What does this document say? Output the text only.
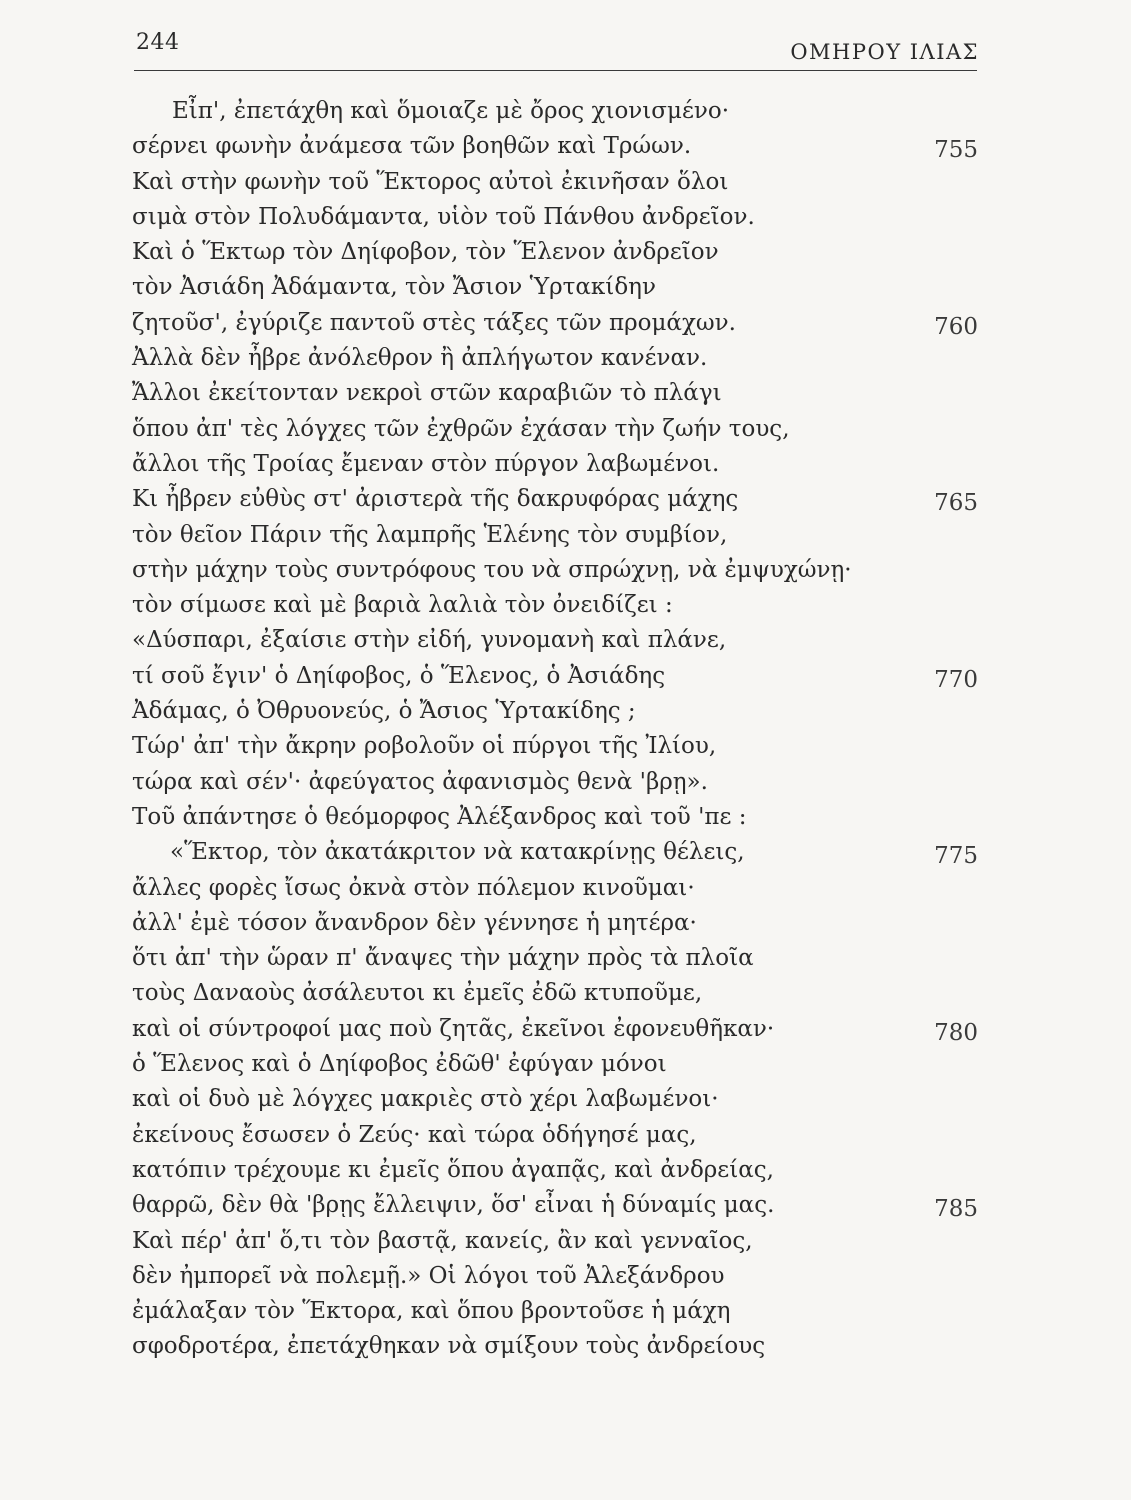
244	ΟΜΗΡΟΥ ΙΛΙΑΣ
Εἶπ', ἐπετάχθη καὶ ὅμοιαζε μὲ ὄρος χιονισμένο·
σέρνει φωνὴν ἀνάμεσα τῶν βοηθῶν καὶ Τρώων.	755
Καὶ στὴν φωνὴν τοῦ Ἕκτορος αὐτοὶ ἐκινῆσαν ὅλοι
σιμὰ στὸν Πολυδάμαντα, υἱὸν τοῦ Πάνθου ἀνδρεῖον.
Καὶ ὁ Ἕκτωρ τὸν Δηίφοβον, τὸν Ἕλενον ἀνδρεῖον
τὸν Ἀσιάδη Ἀδάμαντα, τὸν Ἄσιον Ὑρτακίδην
ζητοῦσ', ἐγύριζε παντοῦ στὲς τάξες τῶν προμάχων.	760
Ἀλλὰ δὲν ἦβρε ἀνόλεθρον ἢ ἀπλήγωτον κανέναν.
Ἄλλοι ἐκείτονταν νεκροὶ στῶν καραβιῶν τὸ πλάγι
ὅπου ἀπ' τὲς λόγχες τῶν ἐχθρῶν ἐχάσαν τὴν ζωήν τους,
ἄλλοι τῆς Τροίας ἔμεναν στὸν πύργον λαβωμένοι.
Κι ἦβρεν εὐθὺς στ' ἀριστερὰ τῆς δακρυφόρας μάχης	765
τὸν θεῖον Πάριν τῆς λαμπρῆς Ἑλένης τὸν συμβίον,
στὴν μάχην τοὺς συντρόφους του νὰ σπρώχνῃ, νὰ ἐμψυχώνῃ·
τὸν σίμωσε καὶ μὲ βαριὰ λαλιὰ τὸν ὀνειδίζει :
«Δύσπαρι, ἐξαίσιε στὴν εἰδή, γυνομανὴ καὶ πλάνε,
τί σοῦ ἔγιν' ὁ Δηίφοβος, ὁ Ἕλενος, ὁ Ἀσιάδης	770
Ἀδάμας, ὁ Ὀθρυονεύς, ὁ Ἄσιος Ὑρτακίδης ;
Τώρ' ἀπ' τὴν ἄκρην ροβολοῦν οἱ πύργοι τῆς Ἰλίου,
τώρα καὶ σέν'· ἀφεύγατος ἀφανισμὸς θενὰ 'βρῃ».
Τοῦ ἀπάντησε ὁ θεόμορφος Ἀλέξανδρος καὶ τοῦ 'πε :
«Ἕκτορ, τὸν ἀκατάκριτον νὰ κατακρίνῃς θέλεις,	775
ἄλλες φορὲς ἴσως ὀκνὰ στὸν πόλεμον κινοῦμαι·
ἀλλ' ἐμὲ τόσον ἄνανδρον δὲν γέννησε ἡ μητέρα·
ὅτι ἀπ' τὴν ὥραν π' ἄναψες τὴν μάχην πρὸς τὰ πλοῖα
τοὺς Δαναοὺς ἀσάλευτοι κι ἐμεῖς ἐδῶ κτυποῦμε,
καὶ οἱ σύντροφοί μας ποὺ ζητᾶς, ἐκεῖνοι ἐφονευθῆκαν·	780
ὁ Ἕλενος καὶ ὁ Δηίφοβος ἐδῶθ' ἐφύγαν μόνοι
καὶ οἱ δυὸ μὲ λόγχες μακριὲς στὸ χέρι λαβωμένοι·
ἐκείνους ἔσωσεν ὁ Ζεύς· καὶ τώρα ὁδήγησέ μας,
κατόπιν τρέχουμε κι ἐμεῖς ὅπου ἀγαπᾷς, καὶ ἀνδρείας,
θαρρῶ, δὲν θὰ 'βρῃς ἔλλειψιν, ὅσ' εἶναι ἡ δύναμίς μας.	785
Καὶ πέρ' ἀπ' ὅ,τι τὸν βαστᾷ, κανείς, ἂν καὶ γενναῖος,
δὲν ἠμπορεῖ νὰ πολεμῇ.» Οἱ λόγοι τοῦ Ἀλεξάνδρου
ἐμάλαξαν τὸν Ἕκτορα, καὶ ὅπου βροντοῦσε ἡ μάχη
σφοδροτέρα, ἐπετάχθηκαν νὰ σμίξουν τοὺς ἀνδρείους
